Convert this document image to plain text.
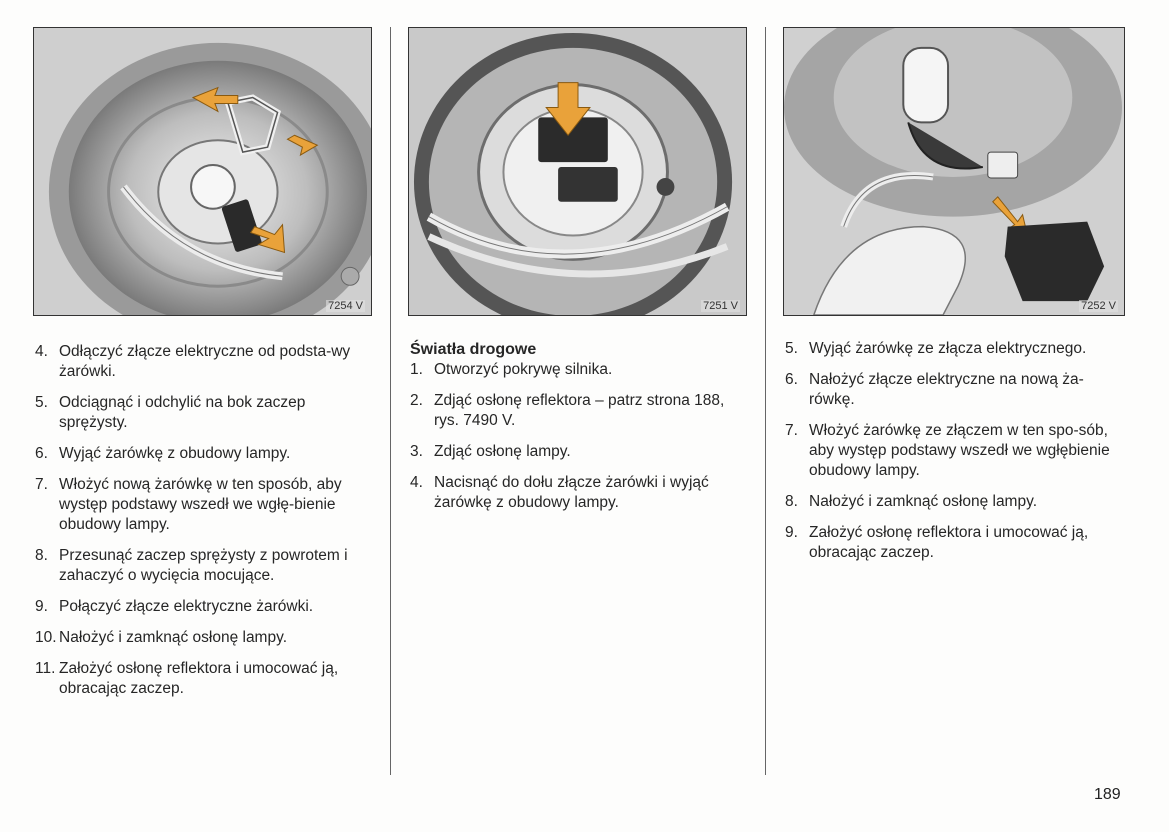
7254 V	7251 V	7252 V
4. Odłączyć złącze elektryczne od podsta-wy żarówki.
5. Odciągnąć i odchylić na bok zaczep sprężysty.
6. Wyjąć żarówkę z obudowy lampy.
7. Włożyć nową żarówkę w ten sposób, aby występ podstawy wszedł we wgłę-bienie obudowy lampy.
8. Przesunąć zaczep sprężysty z powrotem i zahaczyć o wycięcia mocujące.
9. Połączyć złącze elektryczne żarówki.
10. Nałożyć i zamknąć osłonę lampy.
11. Założyć osłonę reflektora i umocować ją, obracając zaczep.
Światła drogowe
1. Otworzyć pokrywę silnika.
2. Zdjąć osłonę reflektora – patrz strona 188, rys. 7490 V.
3. Zdjąć osłonę lampy.
4. Nacisnąć do dołu złącze żarówki i wyjąć żarówkę z obudowy lampy.
5. Wyjąć żarówkę ze złącza elektrycznego.
6. Nałożyć złącze elektryczne na nową ża-rówkę.
7. Włożyć żarówkę ze złączem w ten spo-sób, aby występ podstawy wszedł we wgłębienie obudowy lampy.
8. Nałożyć i zamknąć osłonę lampy.
9. Założyć osłonę reflektora i umocować ją, obracając zaczep.
189
